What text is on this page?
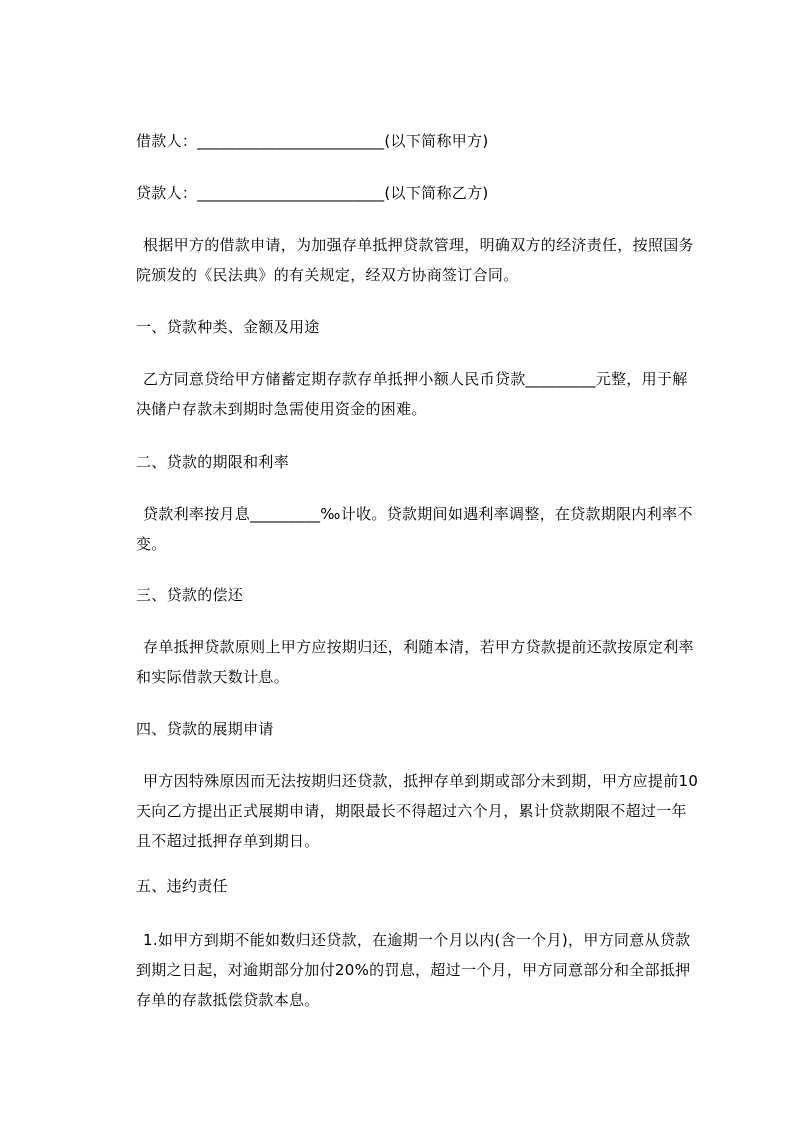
借款人：________________________(以下简称甲方)
贷款人：________________________(以下简称乙方)
根据甲方的借款申请，为加强存单抵押贷款管理，明确双方的经济责任，按照国务院颁发的《民法典》的有关规定，经双方协商签订合同。
一、贷款种类、金额及用途
乙方同意贷给甲方储蓄定期存款存单抵押小额人民币贷款_________元整，用于解决储户存款未到期时急需使用资金的困难。
二、贷款的期限和利率
贷款利率按月息_________‰计收。贷款期间如遇利率调整，在贷款期限内利率不变。
三、贷款的偿还
存单抵押贷款原则上甲方应按期归还，利随本清，若甲方贷款提前还款按原定利率和实际借款天数计息。
四、贷款的展期申请
甲方因特殊原因而无法按期归还贷款，抵押存单到期或部分未到期，甲方应提前10天向乙方提出正式展期申请，期限最长不得超过六个月，累计贷款期限不超过一年且不超过抵押存单到期日。
五、违约责任
1.如甲方到期不能如数归还贷款，在逾期一个月以内(含一个月)，甲方同意从贷款到期之日起，对逾期部分加付20%的罚息，超过一个月，甲方同意部分和全部抵押存单的存款抵偿贷款本息。
